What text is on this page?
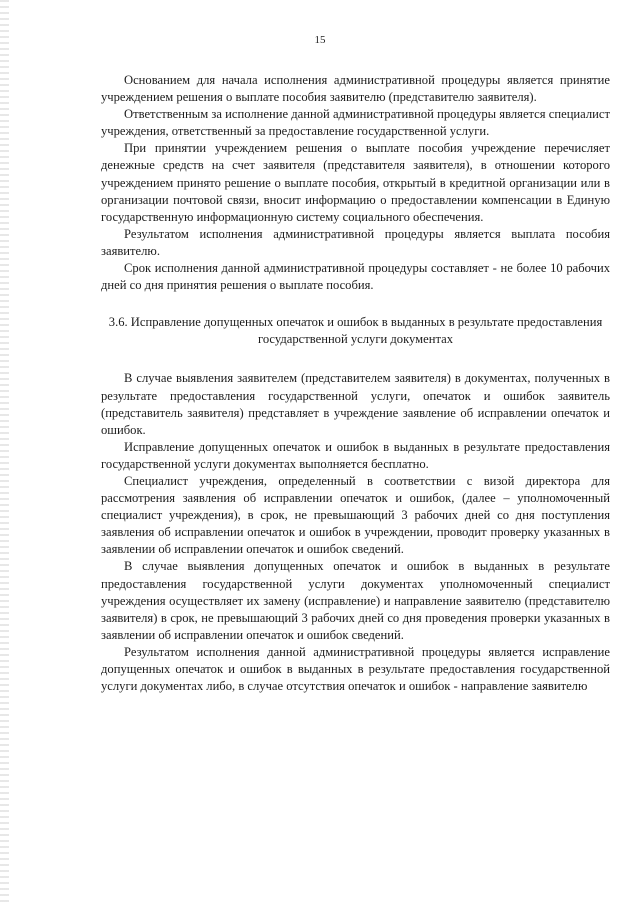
15

Основанием для начала исполнения административной процедуры является принятие учреждением решения о выплате пособия заявителю (представителю заявителя).

Ответственным за исполнение данной административной процедуры является специалист учреждения, ответственный за предоставление государственной услуги.

При принятии учреждением решения о выплате пособия учреждение перечисляет денежные средств на счет заявителя (представителя заявителя), в отношении которого учреждением принято решение о выплате пособия, открытый в кредитной организации или в организации почтовой связи, вносит информацию о предоставлении компенсации в Единую государственную информационную систему социального обеспечения.

Результатом исполнения административной процедуры является выплата пособия заявителю.

Срок исполнения данной административной процедуры составляет - не более 10 рабочих дней со дня принятия решения о выплате пособия.

3.6. Исправление допущенных опечаток и ошибок в выданных в результате предоставления государственной услуги документах

В случае выявления заявителем (представителем заявителя) в документах, полученных в результате предоставления государственной услуги, опечаток и ошибок заявитель (представитель заявителя) представляет в учреждение заявление об исправлении опечаток и ошибок.

Исправление допущенных опечаток и ошибок в выданных в результате предоставления государственной услуги документах выполняется бесплатно.

Специалист учреждения, определенный в соответствии с визой директора для рассмотрения заявления об исправлении опечаток и ошибок, (далее – уполномоченный специалист учреждения), в срок, не превышающий 3 рабочих дней со дня поступления заявления об исправлении опечаток и ошибок в учреждении, проводит проверку указанных в заявлении об исправлении опечаток и ошибок сведений.

В случае выявления допущенных опечаток и ошибок в выданных в результате предоставления государственной услуги документах уполномоченный специалист учреждения осуществляет их замену (исправление) и направление заявителю (представителю заявителя) в срок, не превышающий 3 рабочих дней со дня проведения проверки указанных в заявлении об исправлении опечаток и ошибок сведений.

Результатом исполнения данной административной процедуры является исправление допущенных опечаток и ошибок в выданных в результате предоставления государственной услуги документах либо, в случае отсутствия опечаток и ошибок - направление заявителю
